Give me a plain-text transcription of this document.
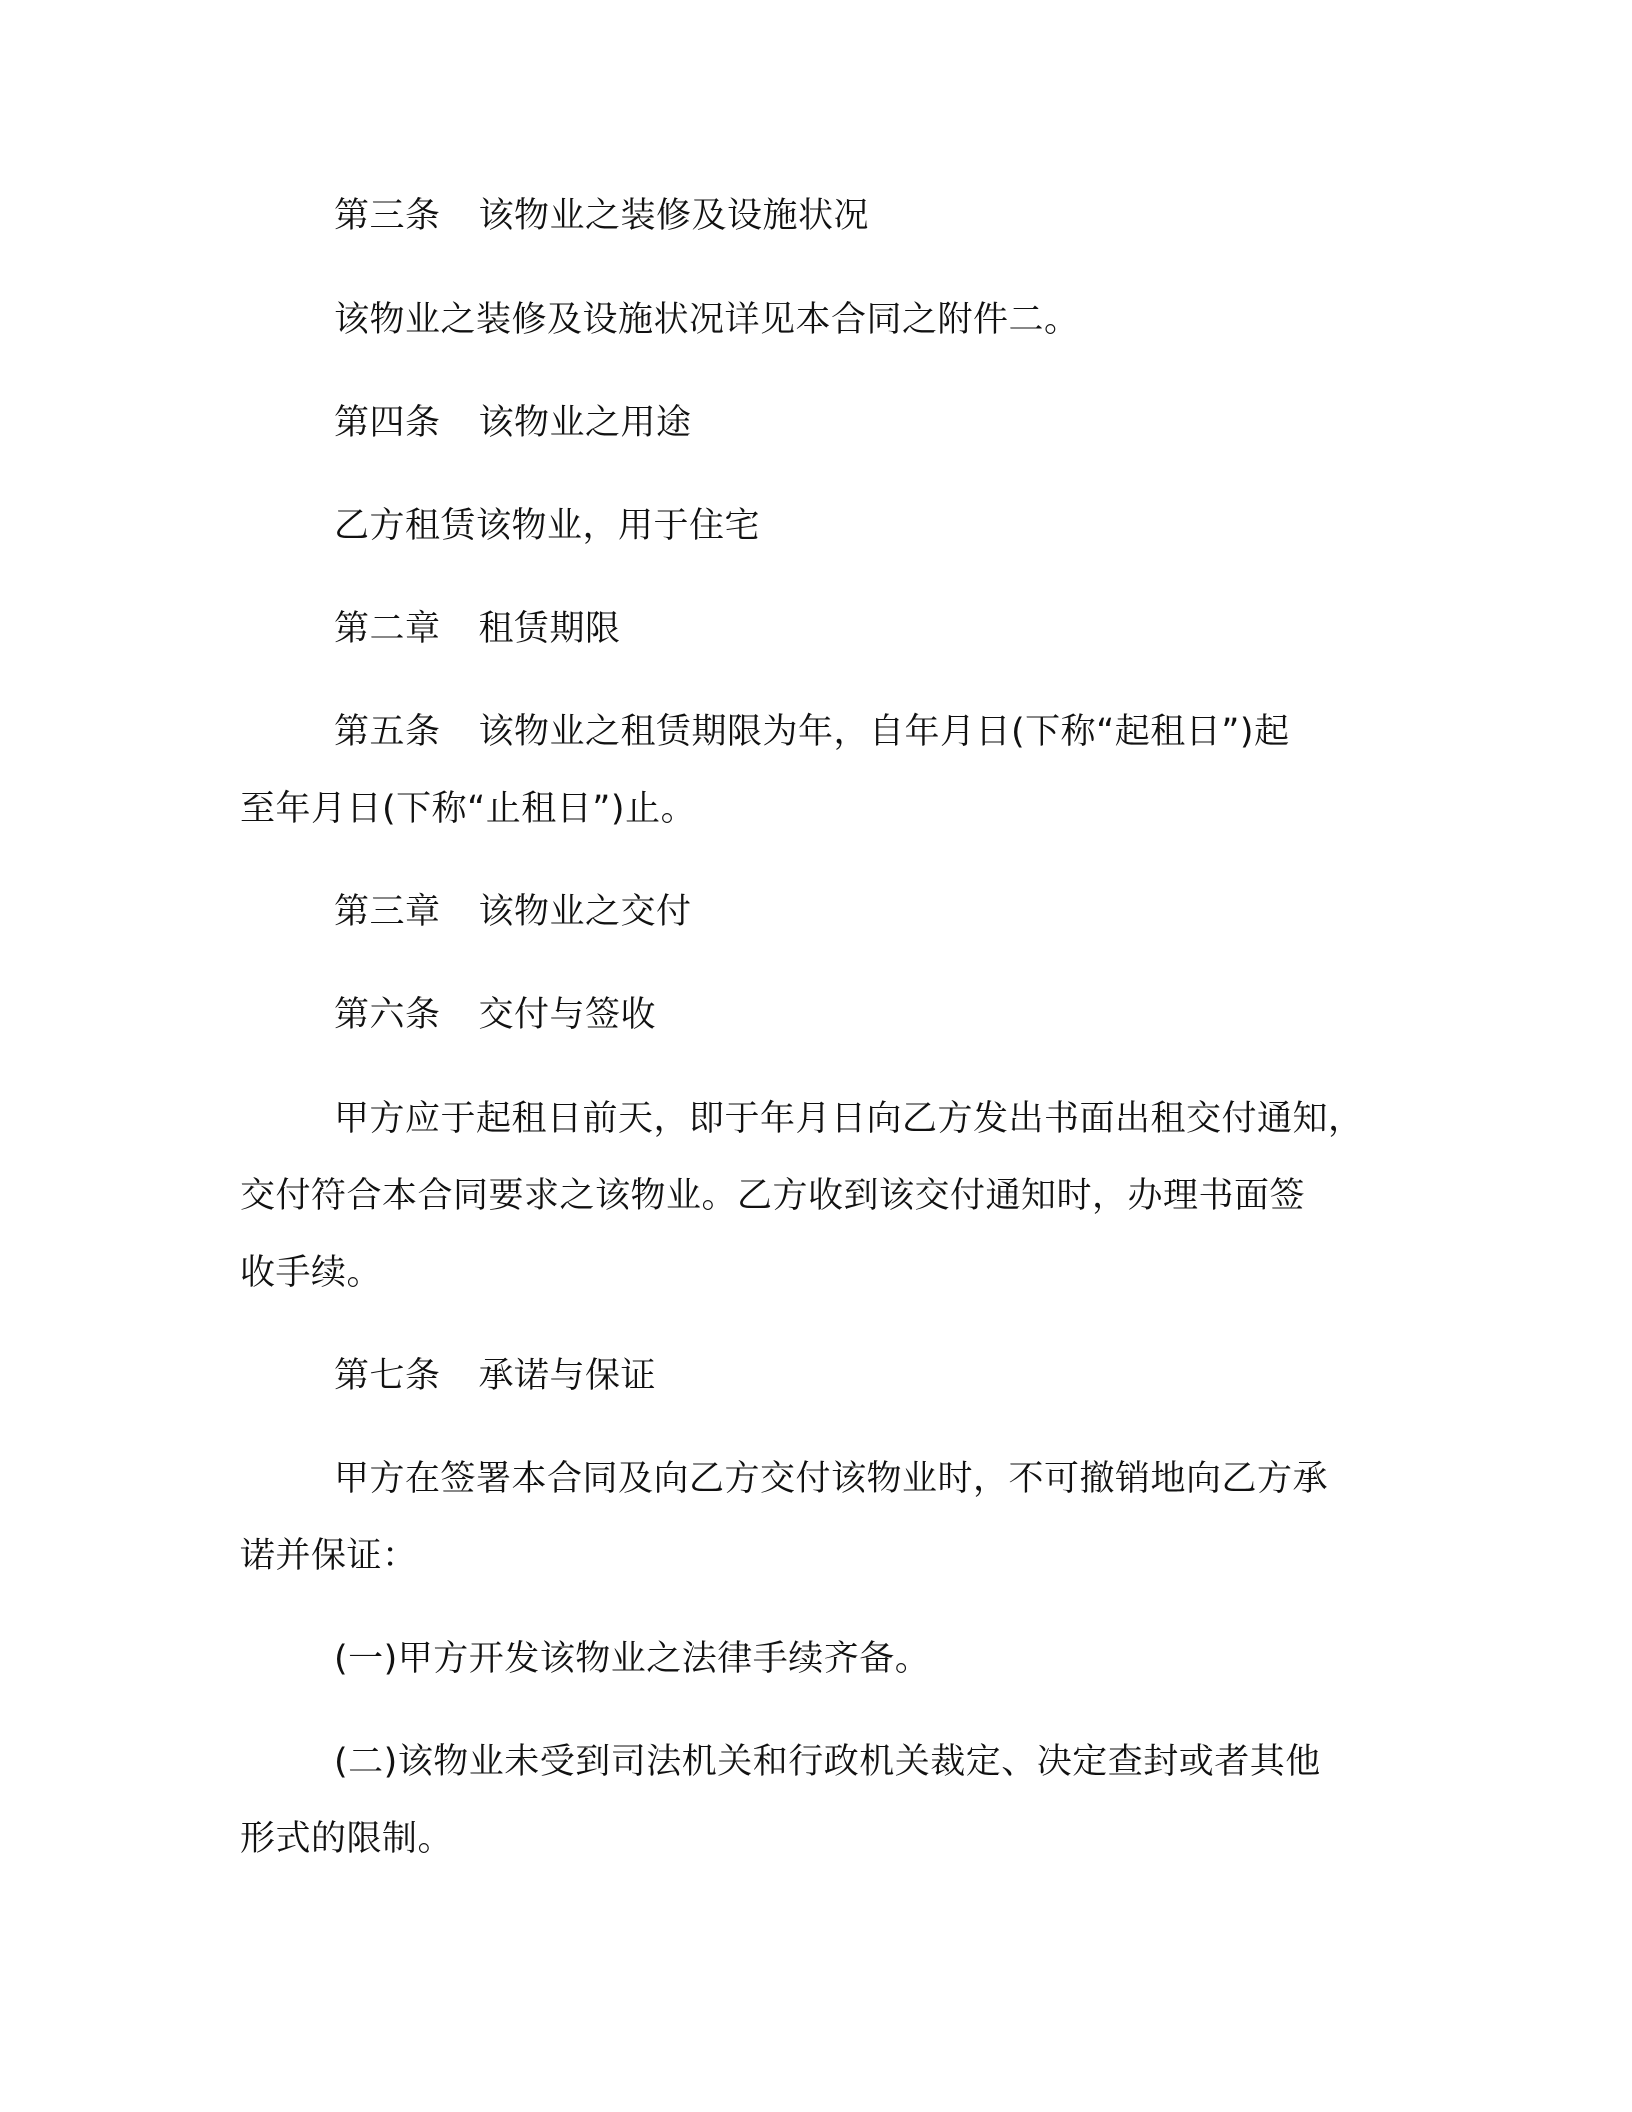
第三条 该物业之装修及设施状况
该物业之装修及设施状况详见本合同之附件二。
第四条 该物业之用途
乙方租赁该物业，用于住宅
第二章 租赁期限
第五条 该物业之租赁期限为年，自年月日(下称“起租日”)起
至年月日(下称“止租日”)止。
第三章 该物业之交付
第六条 交付与签收
甲方应于起租日前天，即于年月日向乙方发出书面出租交付通知，
交付符合本合同要求之该物业。乙方收到该交付通知时，办理书面签
收手续。
第七条 承诺与保证
甲方在签署本合同及向乙方交付该物业时，不可撤销地向乙方承
诺并保证：
(一)甲方开发该物业之法律手续齐备。
(二)该物业未受到司法机关和行政机关裁定、决定查封或者其他
形式的限制。
